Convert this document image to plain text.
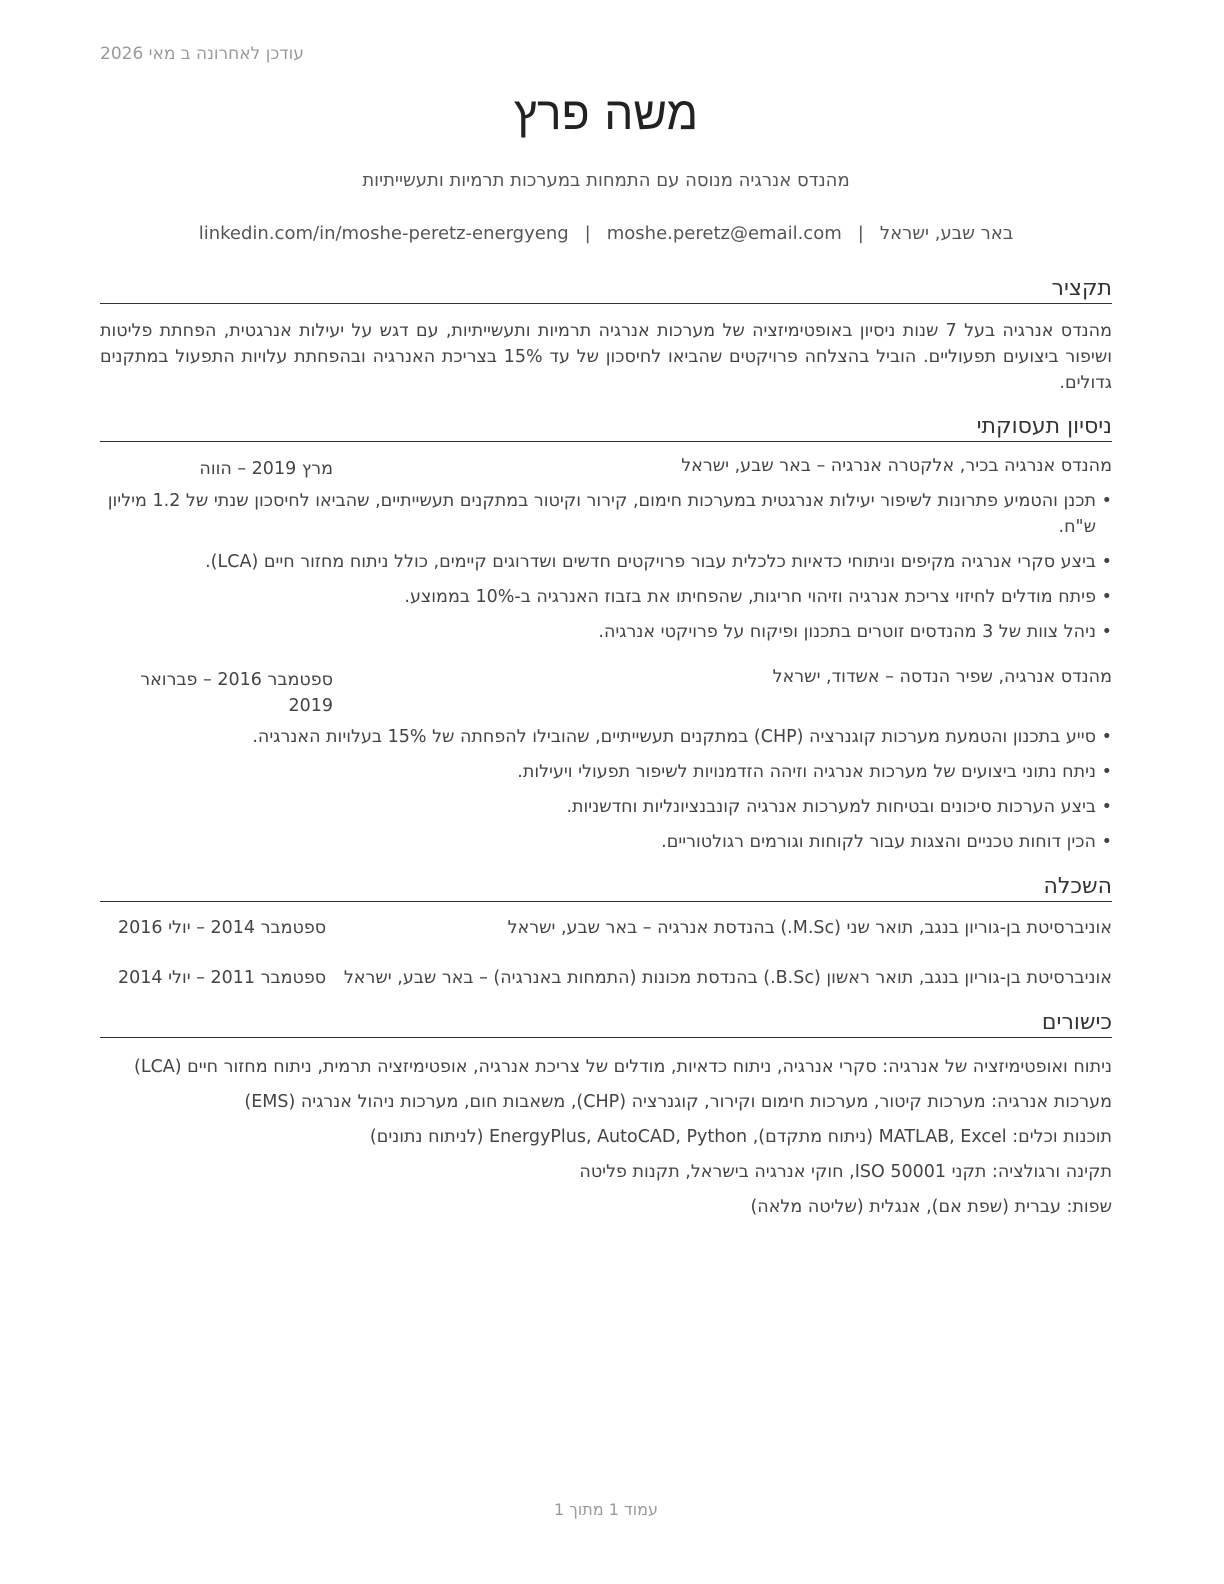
עודכן לאחרונה ב מאי 2026
משה פרץ
מהנדס אנרגיה מנוסה עם התמחות במערכות תרמיות ותעשייתיות
באר שבע, ישראל|moshe.peretz@email.com|linkedin.com/in/moshe-peretz-energyeng
תקציר
מהנדס אנרגיה בעל 7 שנות ניסיון באופטימיזציה של מערכות אנרגיה תרמיות ותעשייתיות, עם דגש על יעילות אנרגטית, הפחתת פליטות ושיפור ביצועים תפעוליים. הוביל בהצלחה פרויקטים שהביאו לחיסכון של עד 15% בצריכת האנרגיה ובהפחתת עלויות התפעול במתקנים גדולים.
ניסיון תעסוקתי
מהנדס אנרגיה בכיר, אלקטרה אנרגיה – באר שבע, ישראל
מרץ 2019 – הווה
• תכנן והטמיע פתרונות לשיפור יעילות אנרגטית במערכות חימום, קירור וקיטור במתקנים תעשייתיים, שהביאו לחיסכון שנתי של 1.2 מיליון ש"ח.
• ביצע סקרי אנרגיה מקיפים וניתוחי כדאיות כלכלית עבור פרויקטים חדשים ושדרוגים קיימים, כולל ניתוח מחזור חיים (LCA).
• פיתח מודלים לחיזוי צריכת אנרגיה וזיהוי חריגות, שהפחיתו את בזבוז האנרגיה ב-10% בממוצע.
• ניהל צוות של 3 מהנדסים זוטרים בתכנון ופיקוח על פרויקטי אנרגיה.
מהנדס אנרגיה, שפיר הנדסה – אשדוד, ישראל
ספטמבר 2016 – פברואר 2019
• סייע בתכנון והטמעת מערכות קוגנרציה (CHP) במתקנים תעשייתיים, שהובילו להפחתה של 15% בעלויות האנרגיה.
• ניתח נתוני ביצועים של מערכות אנרגיה וזיהה הזדמנויות לשיפור תפעולי ויעילות.
• ביצע הערכות סיכונים ובטיחות למערכות אנרגיה קונבנציונליות וחדשניות.
• הכין דוחות טכניים והצגות עבור לקוחות וגורמים רגולטוריים.
השכלה
אוניברסיטת בן-גוריון בנגב, תואר שני (M.Sc.) בהנדסת אנרגיה – באר שבע, ישראל
ספטמבר 2014 – יולי 2016
אוניברסיטת בן-גוריון בנגב, תואר ראשון (B.Sc.) בהנדסת מכונות (התמחות באנרגיה) – באר שבע, ישראל
ספטמבר 2011 – יולי 2014
כישורים
ניתוח ואופטימיזציה של אנרגיה: סקרי אנרגיה, ניתוח כדאיות, מודלים של צריכת אנרגיה, אופטימיזציה תרמית, ניתוח מחזור חיים (LCA)
מערכות אנרגיה: מערכות קיטור, מערכות חימום וקירור, קוגנרציה (CHP), משאבות חום, מערכות ניהול אנרגיה (EMS)
תוכנות וכלים: MATLAB, Excel (ניתוח מתקדם), EnergyPlus, AutoCAD, Python (לניתוח נתונים)
תקינה ורגולציה: תקני ISO 50001, חוקי אנרגיה בישראל, תקנות פליטה
שפות: עברית (שפת אם), אנגלית (שליטה מלאה)
עמוד 1 מתוך 1
